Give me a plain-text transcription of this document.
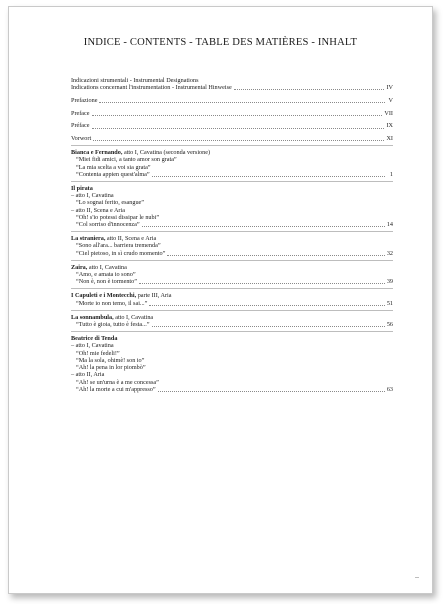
INDICE - CONTENTS - TABLE DES MATIÈRES - INHALT
Indicazioni strumentali - Instrumental Designations
Indications concernant l'instrumentation - Instrumental Hinweise	IV
Prefazione	V
Preface	VII
Préface	IX
Vorwort	XI
Bianca e Fernando, atto I, Cavatina (seconda versione)
“Miei fidi amici, a tanto amor son grata”
“La mia scelta a voi sia grata”
“Contenta appien quest'alma”	1
Il pirata
– atto I, Cavatina
“Lo sognai ferito, esangue”
– atto II, Scena e Aria
“Oh! s'io potessi dissipar le nubi”
“Col sorriso d'innocenza”	14
La straniera, atto II, Scena e Aria
“Sono all'ara... barriera tremenda”
“Ciel pietoso, in sì crudo momento”	32
Zaira, atto I, Cavatina
“Amo, e amata io sono”
“Non è, non è tormento”	39
I Capuleti e i Montecchi, parte III, Aria
“Morte io non temo, il sai...”	51
La sonnambula, atto I, Cavatina
“Tutto è gioia, tutto è festa...”	56
Beatrice di Tenda
– atto I, Cavatina
“Oh! mie fedeli!”
“Ma la sola, ohimè! son io”
“Ah! la pena in lor piombò”
– atto II, Aria
“Ah! se un'urna è a me concessa”
“Ah! la morte a cui m'appresso”	63
